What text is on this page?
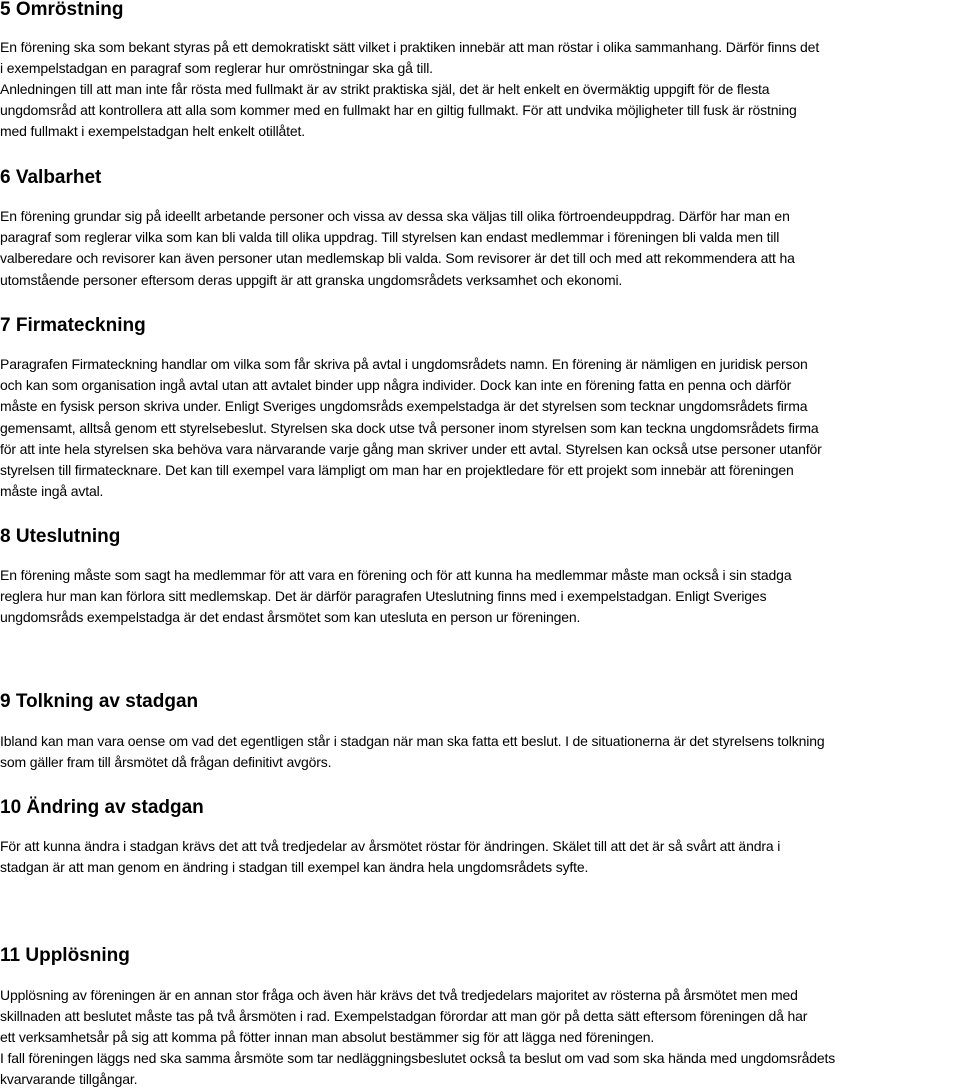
5 Omröstning
En förening ska som bekant styras på ett demokratiskt sätt vilket i praktiken innebär att man röstar i olika sammanhang. Därför finns det
i exempelstadgan en paragraf som reglerar hur omröstningar ska gå till.
Anledningen till att man inte får rösta med fullmakt är av strikt praktiska själ, det är helt enkelt en övermäktig uppgift för de flesta
ungdomsråd att kontrollera att alla som kommer med en fullmakt har en giltig fullmakt. För att undvika möjligheter till fusk är röstning
med fullmakt i exempelstadgan helt enkelt otillåtet.
6 Valbarhet
En förening grundar sig på ideellt arbetande personer och vissa av dessa ska väljas till olika förtroendeuppdrag. Därför har man en
paragraf som reglerar vilka som kan bli valda till olika uppdrag. Till styrelsen kan endast medlemmar i föreningen bli valda men till
valberedare och revisorer kan även personer utan medlemskap bli valda. Som revisorer är det till och med att rekommendera att ha
utomstående personer eftersom deras uppgift är att granska ungdomsrådets verksamhet och ekonomi.
7 Firmateckning
Paragrafen Firmateckning handlar om vilka som får skriva på avtal i ungdomsrådets namn. En förening är nämligen en juridisk person
och kan som organisation ingå avtal utan att avtalet binder upp några individer. Dock kan inte en förening fatta en penna och därför
måste en fysisk person skriva under. Enligt Sveriges ungdomsråds exempelstadga är det styrelsen som tecknar ungdomsrådets firma
gemensamt, alltså genom ett styrelsebeslut. Styrelsen ska dock utse två personer inom styrelsen som kan teckna ungdomsrådets firma
för att inte hela styrelsen ska behöva vara närvarande varje gång man skriver under ett avtal. Styrelsen kan också utse personer utanför
styrelsen till firmatecknare. Det kan till exempel vara lämpligt om man har en projektledare för ett projekt som innebär att föreningen
måste ingå avtal.
8 Uteslutning
En förening måste som sagt ha medlemmar för att vara en förening och för att kunna ha medlemmar måste man också i sin stadga
reglera hur man kan förlora sitt medlemskap. Det är därför paragrafen Uteslutning finns med i exempelstadgan. Enligt Sveriges
ungdomsråds exempelstadga är det endast årsmötet som kan utesluta en person ur föreningen.
9 Tolkning av stadgan
Ibland kan man vara oense om vad det egentligen står i stadgan när man ska fatta ett beslut. I de situationerna är det styrelsens tolkning
som gäller fram till årsmötet då frågan definitivt avgörs.
10 Ändring av stadgan
För att kunna ändra i stadgan krävs det att två tredjedelar av årsmötet röstar för ändringen. Skälet till att det är så svårt att ändra i
stadgan är att man genom en ändring i stadgan till exempel kan ändra hela ungdomsrådets syfte.
11 Upplösning
Upplösning av föreningen är en annan stor fråga och även här krävs det två tredjedelars majoritet av rösterna på årsmötet men med
skillnaden att beslutet måste tas på två årsmöten i rad. Exempelstadgan förordar att man gör på detta sätt eftersom föreningen då har
ett verksamhetsår på sig att komma på fötter innan man absolut bestämmer sig för att lägga ned föreningen.
I fall föreningen läggs ned ska samma årsmöte som tar nedläggningsbeslutet också ta beslut om vad som ska hända med ungdomsrådets
kvarvarande tillgångar.
